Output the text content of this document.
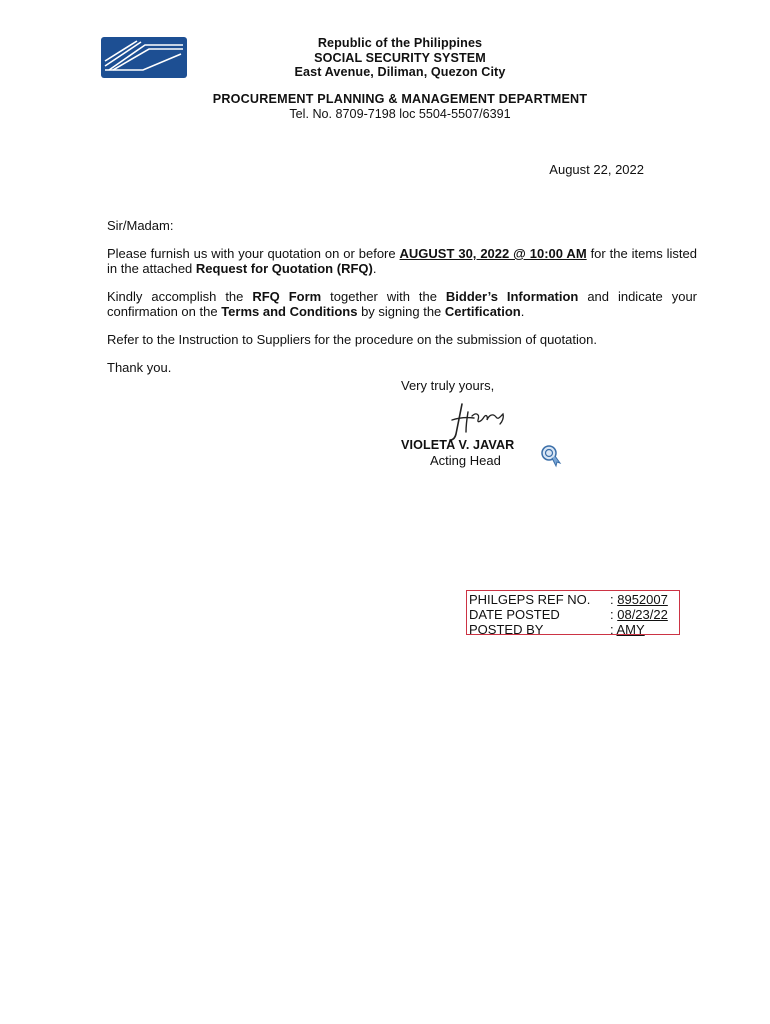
Republic of the Philippines
SOCIAL SECURITY SYSTEM
East Avenue, Diliman, Quezon City
PROCUREMENT PLANNING & MANAGEMENT DEPARTMENT
Tel. No. 8709-7198 loc 5504-5507/6391
August 22, 2022

Sir/Madam:

Please furnish us with your quotation on or before AUGUST 30, 2022 @ 10:00 AM for the items listed in the attached Request for Quotation (RFQ).

Kindly accomplish the RFQ Form together with the Bidder’s Information and indicate your confirmation on the Terms and Conditions by signing the Certification.

Refer to the Instruction to Suppliers for the procedure on the submission of quotation.

Thank you.

Very truly yours,
VIOLETA V. JAVAR
Acting Head
PHILGEPS REF NO. : 8952007
DATE POSTED	: 08/23/22
POSTED BY	: AMY
